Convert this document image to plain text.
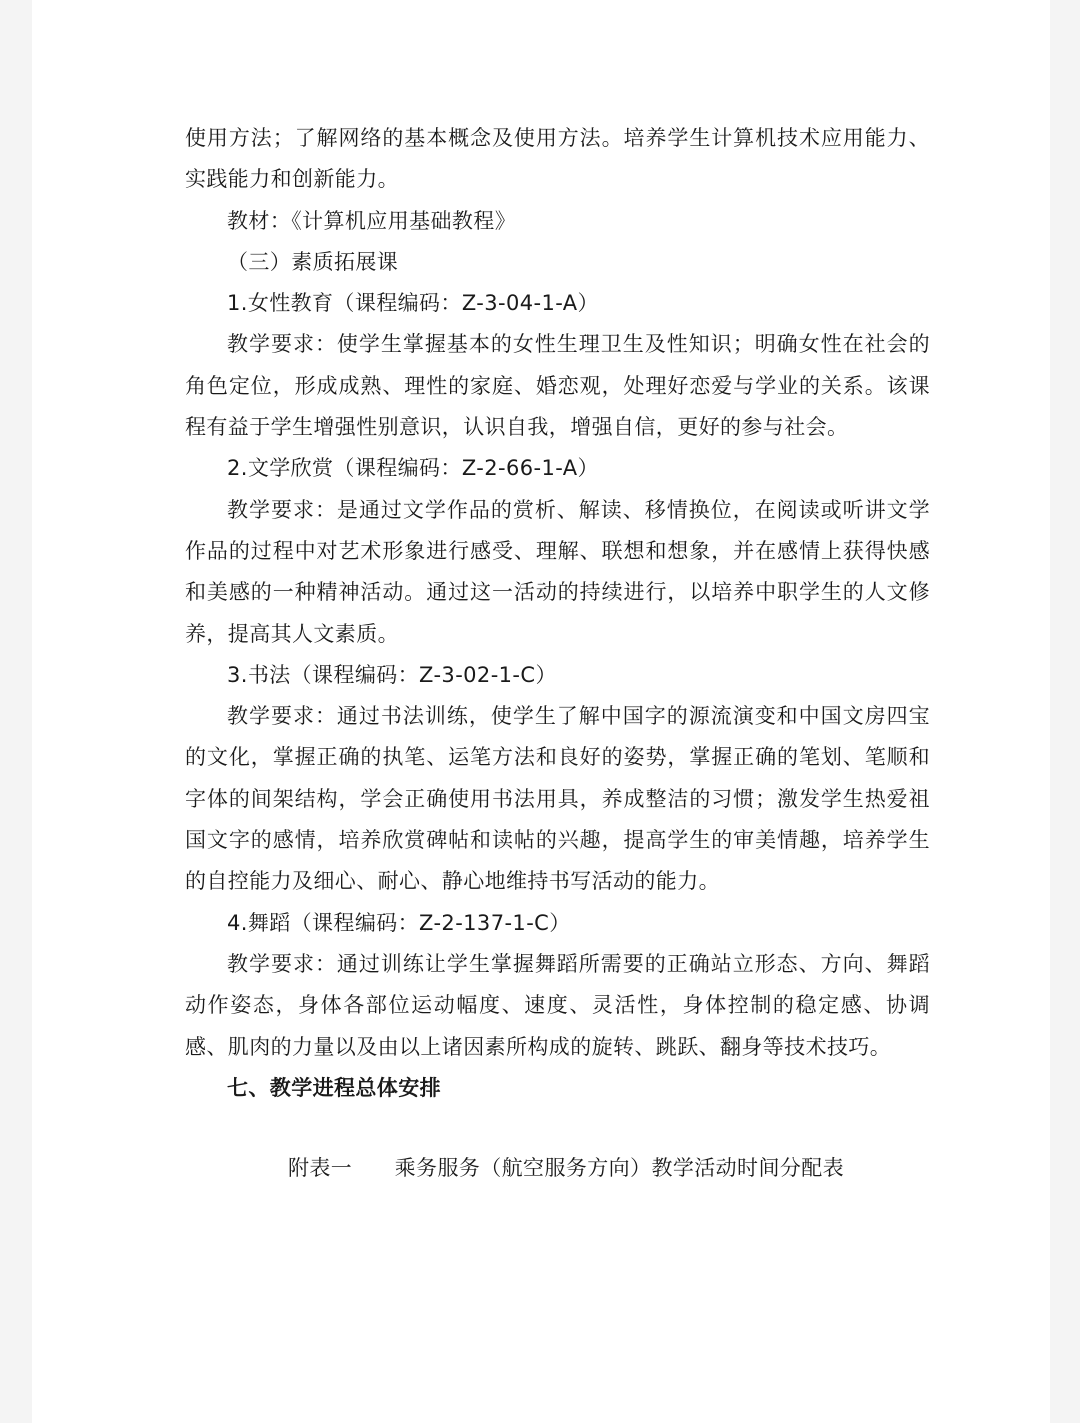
使用方法；了解网络的基本概念及使用方法。培养学生计算机技术应用能力、实践能力和创新能力。

教材：《计算机应用基础教程》

（三）素质拓展课

1.女性教育（课程编码：Z-3-04-1-A）

教学要求：使学生掌握基本的女性生理卫生及性知识；明确女性在社会的角色定位，形成成熟、理性的家庭、婚恋观，处理好恋爱与学业的关系。该课程有益于学生增强性别意识，认识自我，增强自信，更好的参与社会。

2.文学欣赏（课程编码：Z-2-66-1-A）

教学要求：是通过文学作品的赏析、解读、移情换位，在阅读或听讲文学作品的过程中对艺术形象进行感受、理解、联想和想象，并在感情上获得快感和美感的一种精神活动。通过这一活动的持续进行，以培养中职学生的人文修养，提高其人文素质。

3.书法（课程编码：Z-3-02-1-C）

教学要求：通过书法训练，使学生了解中国字的源流演变和中国文房四宝的文化，掌握正确的执笔、运笔方法和良好的姿势，掌握正确的笔划、笔顺和字体的间架结构，学会正确使用书法用具，养成整洁的习惯；激发学生热爱祖国文字的感情，培养欣赏碑帖和读帖的兴趣，提高学生的审美情趣，培养学生的自控能力及细心、耐心、静心地维持书写活动的能力。

4.舞蹈（课程编码：Z-2-137-1-C）

教学要求：通过训练让学生掌握舞蹈所需要的正确站立形态、方向、舞蹈动作姿态，身体各部位运动幅度、速度、灵活性，身体控制的稳定感、协调感、肌肉的力量以及由以上诸因素所构成的旋转、跳跃、翻身等技术技巧。

七、教学进程总体安排

附表一 乘务服务（航空服务方向）教学活动时间分配表
